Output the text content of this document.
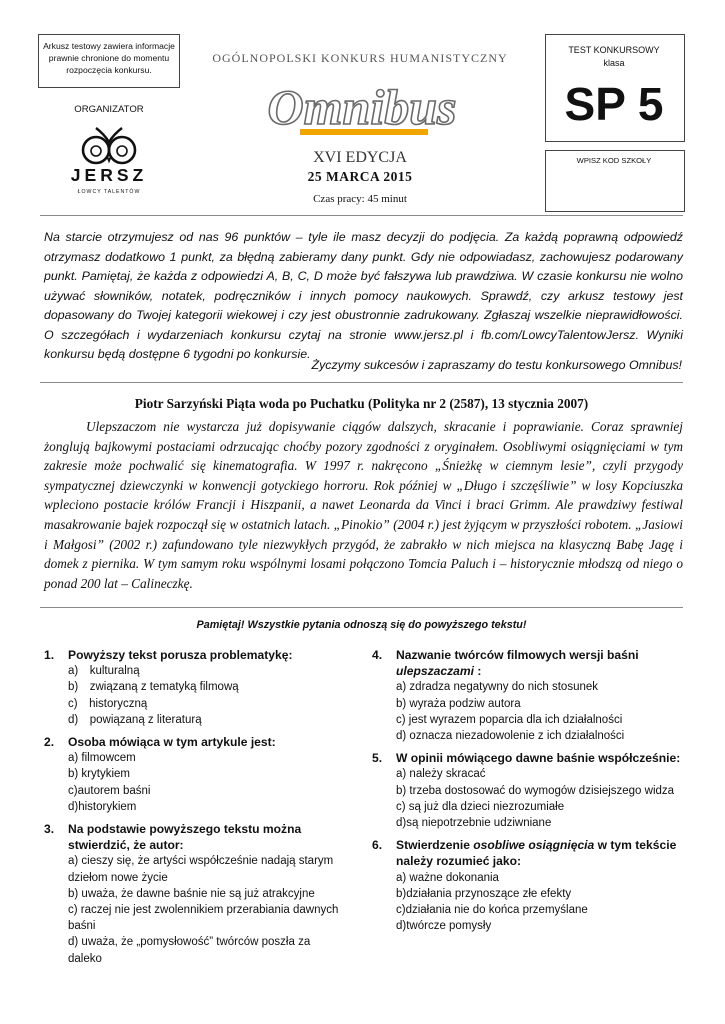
Arkusz testowy zawiera informacje prawnie chronione do momentu rozpoczęcia konkursu.
ORGANIZATOR
JERSZ
ŁOWCY TALENTÓW
OGÓLNOPOLSKI KONKURS HUMANISTYCZNY
Omnibus
XVI EDYCJA
25 MARCA 2015
Czas pracy: 45 minut
TEST KONKURSOWY
klasa
SP 5
WPISZ KOD SZKOŁY
Na starcie otrzymujesz od nas 96 punktów – tyle ile masz decyzji do podjęcia. Za każdą poprawną odpowiedź otrzymasz dodatkowo 1 punkt, za błędną zabieramy dany punkt. Gdy nie odpowiadasz, zachowujesz podarowany punkt. Pamiętaj, że każda z odpowiedzi A, B, C, D może być fałszywa lub prawdziwa. W czasie konkursu nie wolno używać słowników, notatek, podręczników i innych pomocy naukowych. Sprawdź, czy arkusz testowy jest dopasowany do Twojej kategorii wiekowej i czy jest obustronnie zadrukowany. Zgłaszaj wszelkie nieprawidłowości. O szczegółach i wydarzeniach konkursu czytaj na stronie www.jersz.pl i fb.com/LowcyTalentowJersz. Wyniki konkursu będą dostępne 6 tygodni po konkursie.
Życzymy sukcesów i zapraszamy do testu konkursowego Omnibus!
Piotr Sarzyński Piąta woda po Puchatku (Polityka nr 2 (2587), 13 stycznia 2007)
Ulepszaczom nie wystarcza już dopisywanie ciągów dalszych, skracanie i poprawianie. Coraz sprawniej żonglują bajkowymi postaciami odrzucając choćby pozory zgodności z oryginałem. Osobliwymi osiągnięciami w tym zakresie może pochwalić się kinematografia. W 1997 r. nakręcono „Śnieżkę w ciemnym lesie”, czyli przygody sympatycznej dziewczynki w konwencji gotyckiego horroru. Rok później w „Długo i szczęśliwie” w losy Kopciuszka wpleciono postacie królów Francji i Hiszpanii, a nawet Leonarda da Vinci i braci Grimm. Ale prawdziwy festiwal masakrowanie bajek rozpoczął się w ostatnich latach. „Pinokio” (2004 r.) jest żyjącym w przyszłości robotem. „Jasiowi i Małgosi” (2002 r.) zafundowano tyle niezwykłych przygód, że zabrakło w nich miejsca na klasyczną Babę Jagę i domek z piernika. W tym samym roku wspólnymi losami połączono Tomcia Paluch i – historycznie młodszą od niego o ponad 200 lat – Calineczkę.
Pamiętaj! Wszystkie pytania odnoszą się do powyższego tekstu!
1.	Powyższy tekst porusza problematykę:
a) kulturalną
b) związaną z tematyką filmową
c) historyczną
d) powiązaną z literaturą
2.	Osoba mówiąca w tym artykule jest:
a) filmowcem
b) krytykiem
c)autorem baśni
d)historykiem
3.	Na podstawie powyższego tekstu można stwierdzić, że autor:
a) cieszy się, że artyści współcześnie nadają starym dziełom nowe życie
b) uważa, że dawne baśnie nie są już atrakcyjne
c) raczej nie jest zwolennikiem przerabiania dawnych baśni
d) uważa, że „pomysłowość” twórców poszła za daleko
4.	Nazwanie twórców filmowych wersji baśni ulepszaczami :
a) zdradza negatywny do nich stosunek
b) wyraża podziw autora
c) jest wyrazem poparcia dla ich działalności
d) oznacza niezadowolenie z ich działalności
5.	W opinii mówiącego dawne baśnie współcześnie:
a) należy skracać
b) trzeba dostosować do wymogów dzisiejszego widza
c) są już dla dzieci niezrozumiałe
d)są niepotrzebnie udziwniane
6.	Stwierdzenie osobliwe osiągnięcia w tym tekście należy rozumieć jako:
a) ważne dokonania
b)działania przynoszące złe efekty
c)działania nie do końca przemyślane
d)twórcze pomysły
